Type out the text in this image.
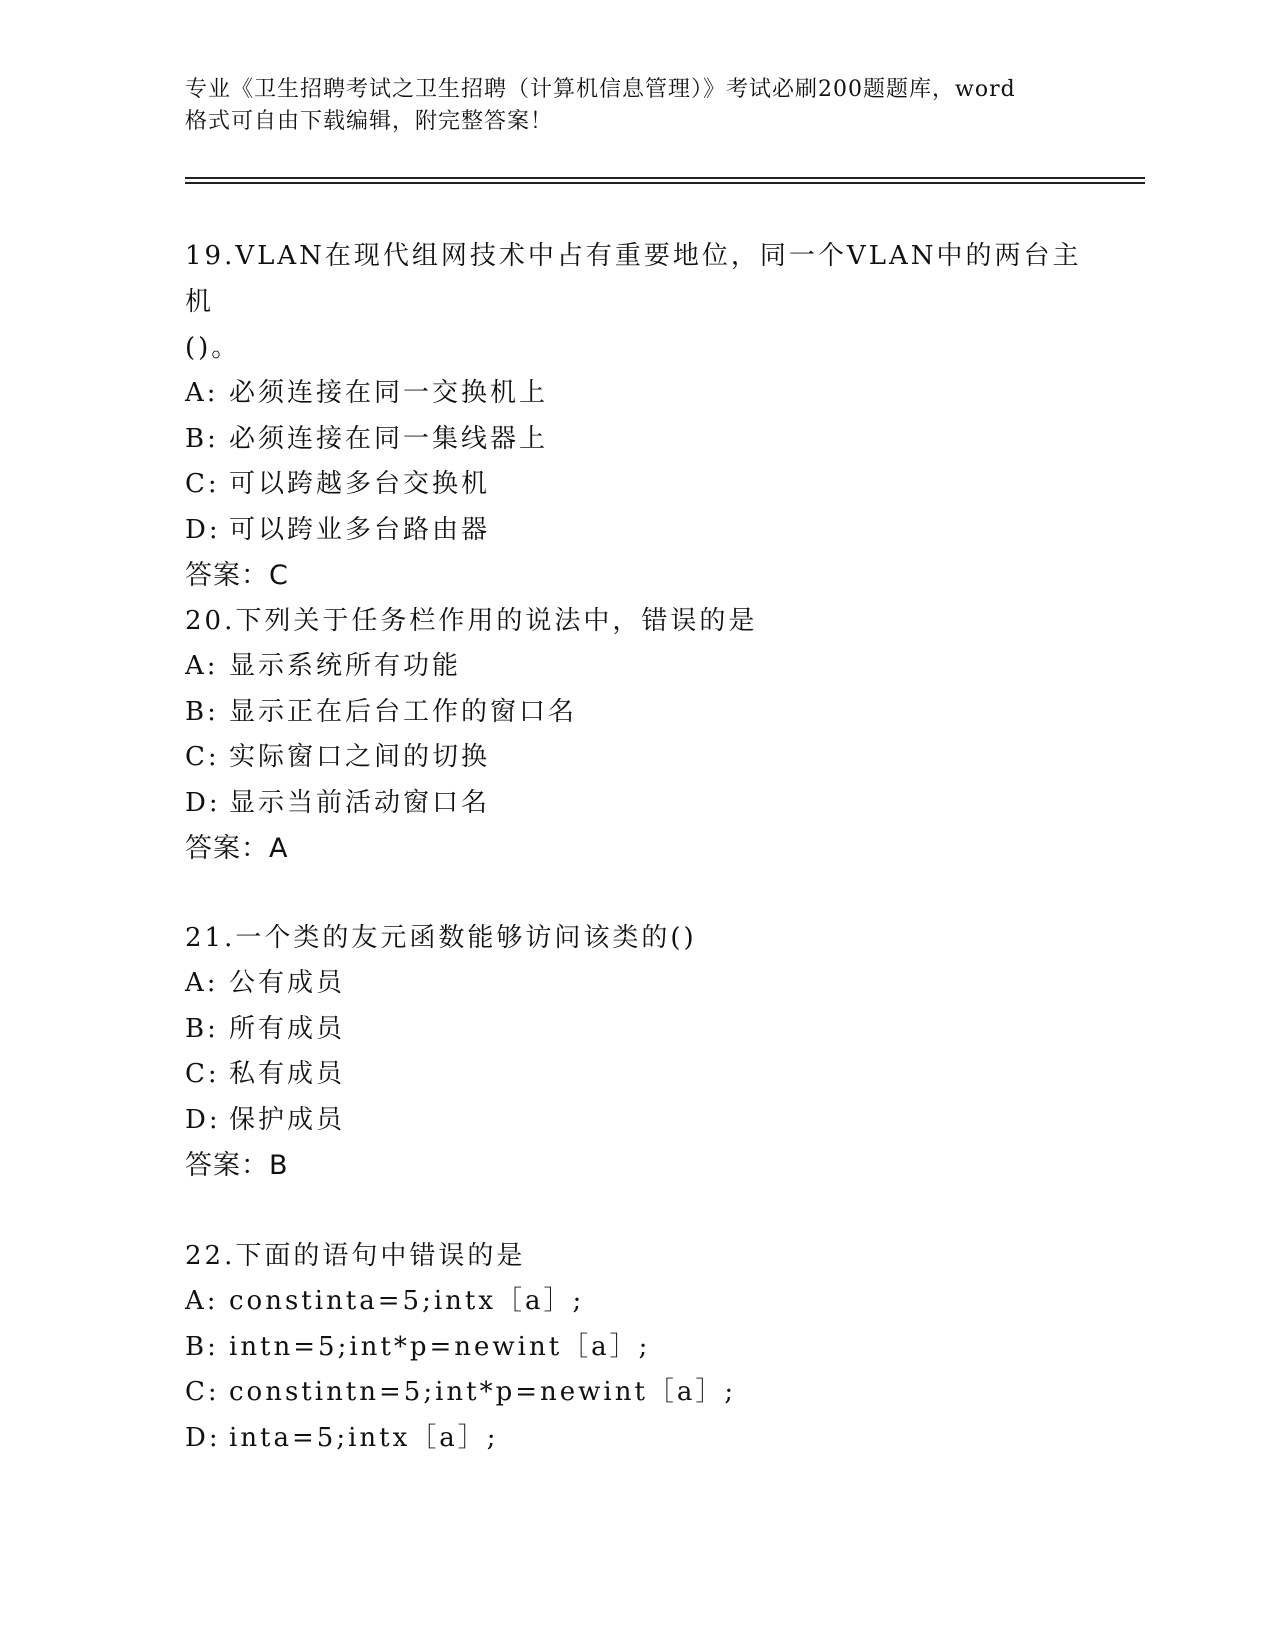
专业《卫生招聘考试之卫生招聘（计算机信息管理）》考试必刷200题题库，word
格式可自由下载编辑，附完整答案！
19.VLAN在现代组网技术中占有重要地位，同一个VLAN中的两台主机
()。
A: 必须连接在同一交换机上
B: 必须连接在同一集线器上
C: 可以跨越多台交换机
D: 可以跨业多台路由器
答案：C
20.下列关于任务栏作用的说法中，错误的是
A: 显示系统所有功能
B: 显示正在后台工作的窗口名
C: 实际窗口之间的切换
D: 显示当前活动窗口名
答案：A
21.一个类的友元函数能够访问该类的()
A: 公有成员
B: 所有成员
C: 私有成员
D: 保护成员
答案：B
22.下面的语句中错误的是
A: constinta=5;intx［a］;
B: intn=5;int*p=newint［a］;
C: constintn=5;int*p=newint［a］;
D: inta=5;intx［a］;
